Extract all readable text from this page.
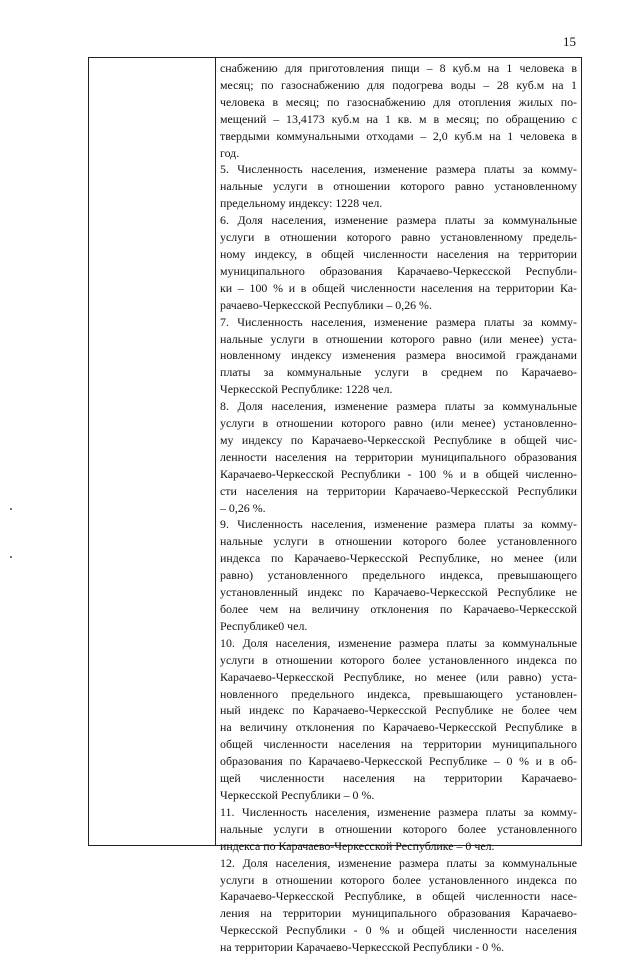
15
снабжению для приготовления пищи – 8 куб.м на 1 человека в
месяц; по газоснабжению для подогрева воды – 28 куб.м на 1
человека в месяц; по газоснабжению для отопления жилых по-
мещений – 13,4173 куб.м на 1 кв. м в месяц; по обращению с
твердыми коммунальными отходами – 2,0 куб.м на 1 человека в
год.
5. Численность населения, изменение размера платы за комму-
нальные услуги в отношении которого равно установленному
предельному индексу: 1228 чел.
6. Доля населения, изменение размера платы за коммунальные
услуги в отношении которого равно установленному предель-
ному индексу, в общей численности населения на территории
муниципального образования Карачаево-Черкесской Республи-
ки – 100 % и в общей численности населения на территории Ка-
рачаево-Черкесской Республики – 0,26 %.
7. Численность населения, изменение размера платы за комму-
нальные услуги в отношении которого равно (или менее) уста-
новленному индексу изменения размера вносимой гражданами
платы за коммунальные услуги в среднем по Карачаево-
Черкесской Республике: 1228 чел.
8. Доля населения, изменение размера платы за коммунальные
услуги в отношении которого равно (или менее) установленно-
му индексу по Карачаево-Черкесской Республике в общей чис-
ленности населения на территории муниципального образования
Карачаево-Черкесской Республики - 100 % и в общей численно-
сти населения на территории Карачаево-Черкесской Республики
– 0,26 %.
9. Численность населения, изменение размера платы за комму-
нальные услуги в отношении которого более установленного
индекса по Карачаево-Черкесской Республике, но менее (или
равно) установленного предельного индекса, превышающего
установленный индекс по Карачаево-Черкесской Республике не
более чем на величину отклонения по Карачаево-Черкесской
Республике0 чел.
10. Доля населения, изменение размера платы за коммунальные
услуги в отношении которого более установленного индекса по
Карачаево-Черкесской Республике, но менее (или равно) уста-
новленного предельного индекса, превышающего установлен-
ный индекс по Карачаево-Черкесской Республике не более чем
на величину отклонения по Карачаево-Черкесской Республике в
общей численности населения на территории муниципального
образования по Карачаево-Черкесской Республике – 0 % и в об-
щей численности населения на территории Карачаево-
Черкесской Республики – 0 %.
11. Численность населения, изменение размера платы за комму-
нальные услуги в отношении которого более установленного
индекса по Карачаево-Черкесской Республике – 0 чел.
12. Доля населения, изменение размера платы за коммунальные
услуги в отношении которого более установленного индекса по
Карачаево-Черкесской Республике, в общей численности насе-
ления на территории муниципального образования Карачаево-
Черкесской Республики - 0 % и общей численности населения
на территории Карачаево-Черкесской Республики - 0 %.
